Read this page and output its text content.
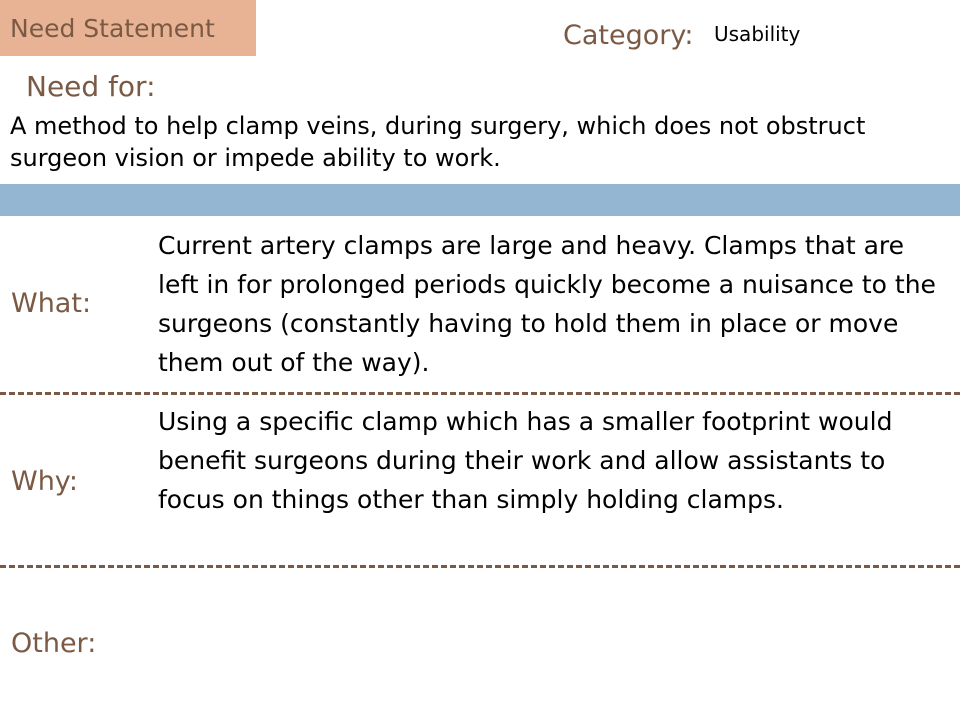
Need Statement	Category: Usability
Need for:
A method to help clamp veins, during surgery, which does not obstruct surgeon vision or impede ability to work.
What:
Current artery clamps are large and heavy. Clamps that are left in for prolonged periods quickly become a nuisance to the surgeons (constantly having to hold them in place or move them out of the way).
Why:
Using a specific clamp which has a smaller footprint would benefit surgeons during their work and allow assistants to focus on things other than simply holding clamps.
Other:
